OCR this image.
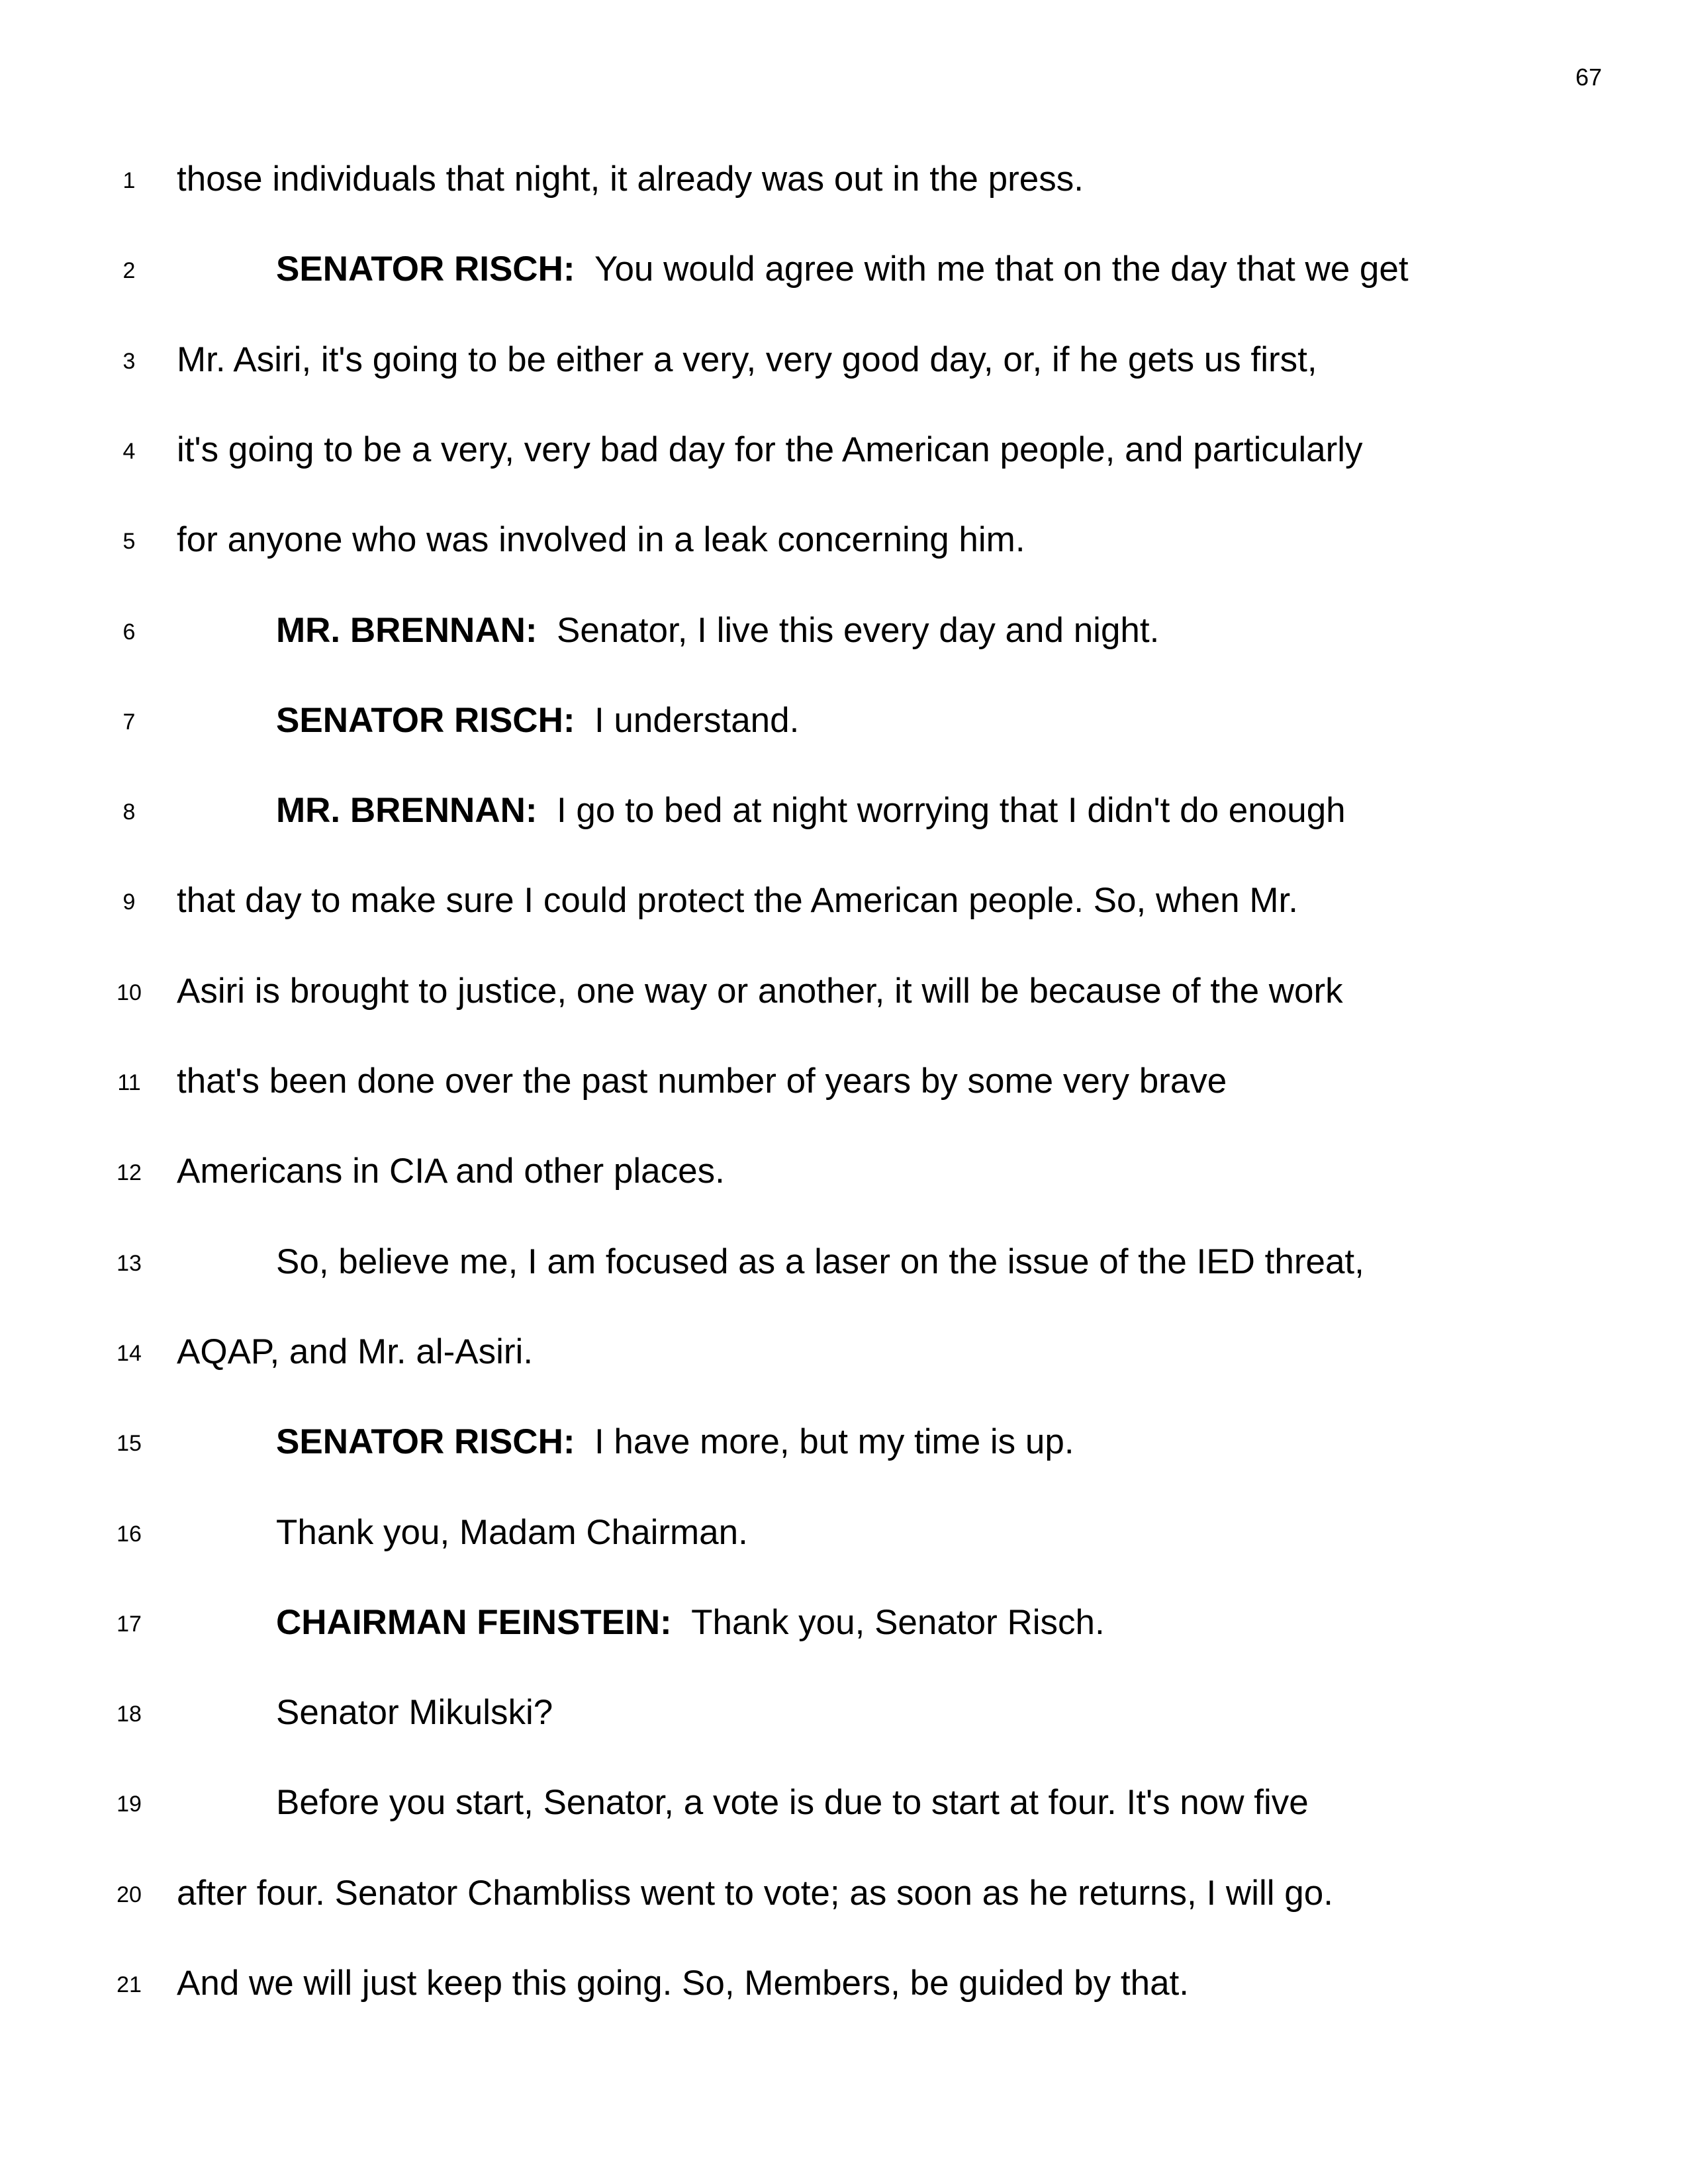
67
1	those individuals that night, it already was out in the press.
2	SENATOR RISCH: You would agree with me that on the day that we get
3	Mr. Asiri, it's going to be either a very, very good day, or, if he gets us first,
4	it's going to be a very, very bad day for the American people, and particularly
5	for anyone who was involved in a leak concerning him.
6	MR. BRENNAN: Senator, I live this every day and night.
7	SENATOR RISCH: I understand.
8	MR. BRENNAN: I go to bed at night worrying that I didn't do enough
9	that day to make sure I could protect the American people. So, when Mr.
10	Asiri is brought to justice, one way or another, it will be because of the work
11	that's been done over the past number of years by some very brave
12	Americans in CIA and other places.
13	So, believe me, I am focused as a laser on the issue of the IED threat,
14	AQAP, and Mr. al-Asiri.
15	SENATOR RISCH: I have more, but my time is up.
16	Thank you, Madam Chairman.
17	CHAIRMAN FEINSTEIN: Thank you, Senator Risch.
18	Senator Mikulski?
19	Before you start, Senator, a vote is due to start at four. It's now five
20	after four. Senator Chambliss went to vote; as soon as he returns, I will go.
21	And we will just keep this going. So, Members, be guided by that.
